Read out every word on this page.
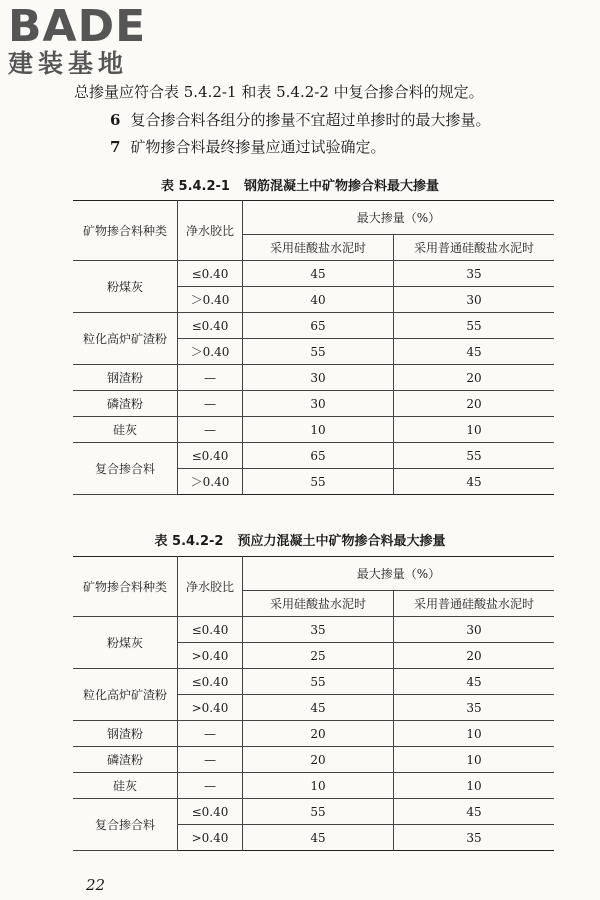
BADE
建装基地
总掺量应符合表 5.4.2-1 和表 5.4.2-2 中复合掺合料的规定。
6 复合掺合料各组分的掺量不宜超过单掺时的最大掺量。
7 矿物掺合料最终掺量应通过试验确定。
表 5.4.2-1 钢筋混凝土中矿物掺合料最大掺量
矿物掺合料种类	净水胶比	最大掺量（%）	
		采用硅酸盐水泥时	采用普通硅酸盐水泥时
粉煤灰	≤0.40	45	35
	＞0.40	40	30
粒化高炉矿渣粉	≤0.40	65	55
	＞0.40	55	45
钢渣粉	—	30	20
磷渣粉	—	30	20
硅灰	—	10	10
复合掺合料	≤0.40	65	55
	＞0.40	55	45
表 5.4.2-2 预应力混凝土中矿物掺合料最大掺量
矿物掺合料种类	净水胶比	最大掺量（%）	
		采用硅酸盐水泥时	采用普通硅酸盐水泥时
粉煤灰	≤0.40	35	30
	>0.40	25	20
粒化高炉矿渣粉	≤0.40	55	45
	>0.40	45	35
钢渣粉	—	20	10
磷渣粉	—	20	10
硅灰	—	10	10
复合掺合料	≤0.40	55	45
	>0.40	45	35
22
